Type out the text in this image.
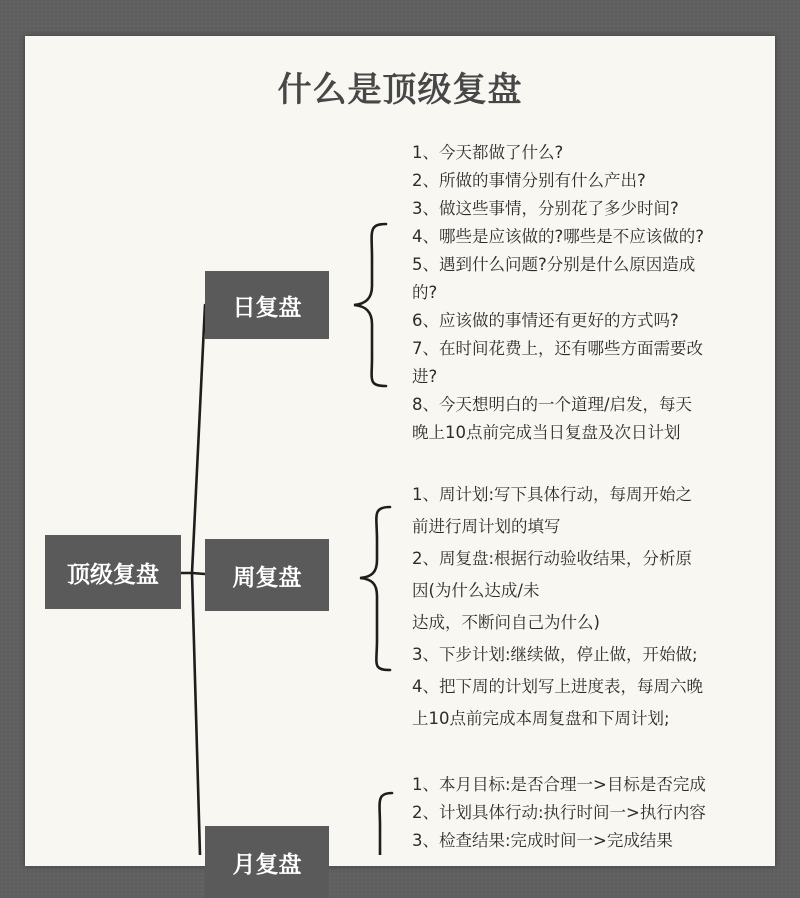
什么是顶级复盘
顶级复盘
日复盘
周复盘
月复盘
1、今天都做了什么?
2、所做的事情分别有什么产出?
3、做这些事情，分别花了多少时间?
4、哪些是应该做的?哪些是不应该做的?
5、遇到什么问题?分别是什么原因造成
的?
6、应该做的事情还有更好的方式吗?
7、在时间花费上，还有哪些方面需要改
进?
8、今天想明白的一个道理/启发，每天
晚上10点前完成当日复盘及次日计划
1、周计划:写下具体行动，每周开始之
前进行周计划的填写
2、周复盘:根据行动验收结果，分析原
因(为什么达成/未
达成，不断问自己为什么)
3、下步计划:继续做，停止做，开始做;
4、把下周的计划写上进度表，每周六晚
上10点前完成本周复盘和下周计划;
1、本月目标:是否合理一>目标是否完成
2、计划具体行动:执行时间一>执行内容
3、检查结果:完成时间一>完成结果
